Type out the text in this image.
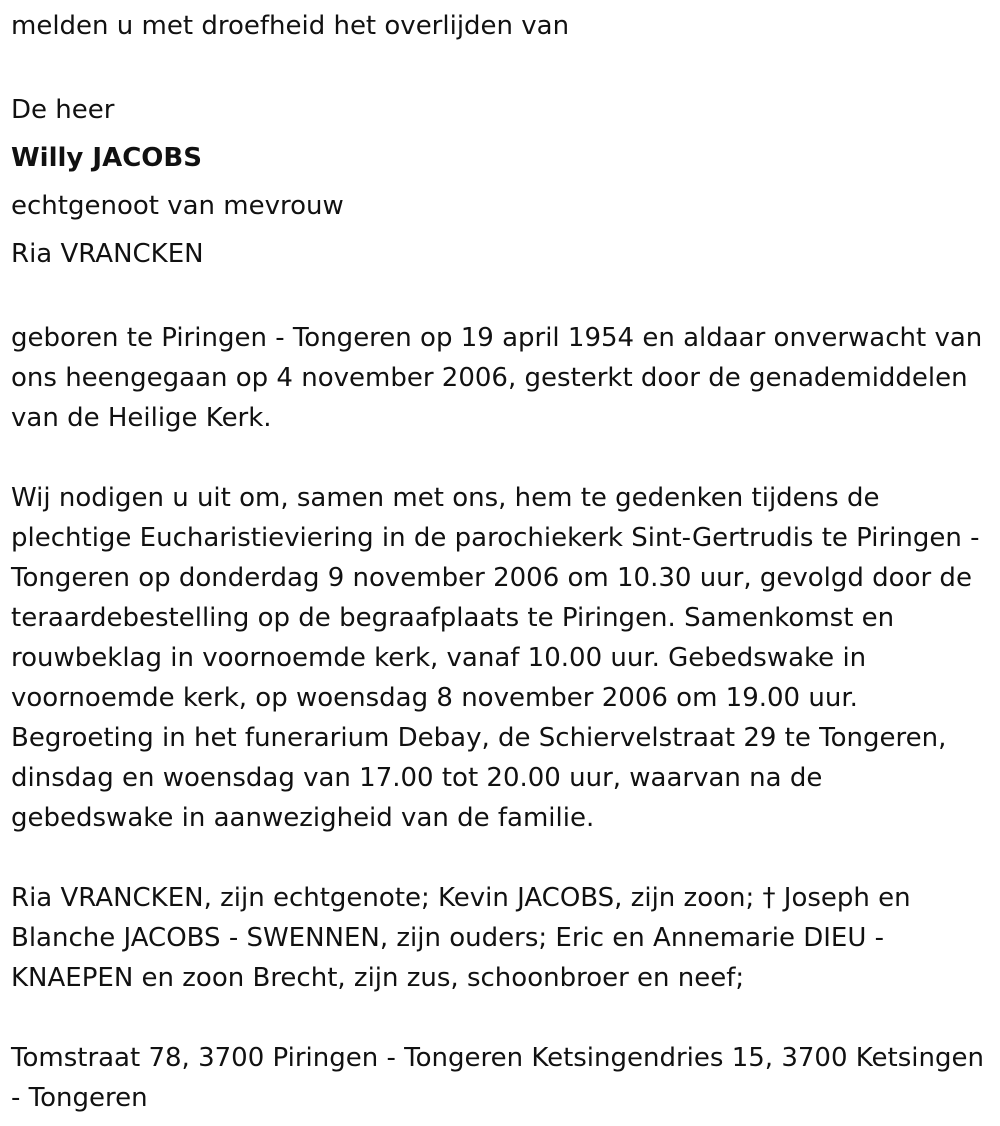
melden u met droefheid het overlijden van

De heer

Willy JACOBS

echtgenoot van mevrouw

Ria VRANCKEN

geboren te Piringen - Tongeren op 19 april 1954 en aldaar onverwacht van ons heengegaan op 4 november 2006, gesterkt door de genademiddelen van de Heilige Kerk.

Wij nodigen u uit om, samen met ons, hem te gedenken tijdens de plechtige Eucharistieviering in de parochiekerk Sint-Gertrudis te Piringen - Tongeren op donderdag 9 november 2006 om 10.30 uur, gevolgd door de teraardebestelling op de begraafplaats te Piringen. Samenkomst en rouwbeklag in voornoemde kerk, vanaf 10.00 uur. Gebedswake in voornoemde kerk, op woensdag 8 november 2006 om 19.00 uur. Begroeting in het funerarium Debay, de Schiervelstraat 29 te Tongeren, dinsdag en woensdag van 17.00 tot 20.00 uur, waarvan na de gebedswake in aanwezigheid van de familie.

Ria VRANCKEN, zijn echtgenote; Kevin JACOBS, zijn zoon; † Joseph en Blanche JACOBS - SWENNEN, zijn ouders; Eric en Annemarie DIEU - KNAEPEN en zoon Brecht, zijn zus, schoonbroer en neef;

Tomstraat 78, 3700 Piringen - Tongeren Ketsingendries 15, 3700 Ketsingen - Tongeren
